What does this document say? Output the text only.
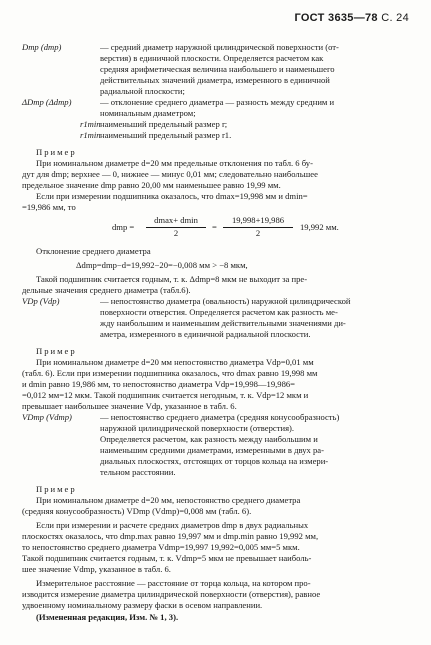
ГОСТ 3635—78 С. 24
Dmp (dmp)	— средний диаметр наружной цилиндрической поверхности (от-
верстия) в единичной плоскости. Определяется расчетом как
средняя арифметическая величина наибольшего и наименьшего
действительных значений диаметра, измеренного в единичной
радиальной плоскости;
ΔDmp (Δdmp)	— отклонение среднего диаметра — разность между средним и
номинальным диаметром;
r1min наименьший предельный размер r;
r1min наименьший предельный размер r1.
Пример
При номинальном диаметре d=20 мм предельные отклонения по табл. 6 бу-
дут для dmp; верхнее — 0, нижнее — минус 0,01 мм; следовательно наибольшее
предельное значение dmp равно 20,00 мм наименьшее равно 19,99 мм.
Если при измерении подшипника оказалось, что dmax=19,998 мм и dmin=
=19,986 мм, то
dmp =
dmax+ dmin
2
=
19,998+19,986
2
19,992 мм.
Отклонение среднего диаметра
Δdmp=dmp−d=19,992−20=−0,008 мм > −8 мкм,
Такой подшипник считается годным, т. к. Δdmp=8 мкм не выходит за пре-
дельные значения среднего диаметра (табл.6).
VDp (Vdp)	— непостоянство диаметра (овальность) наружной цилиндрической
поверхности отверстия. Определяется расчетом как разность ме-
жду наибольшим и наименьшим действительными значениями ди-
аметра, измеренного в единичной радиальной плоскости.
Пример
При номинальном диаметре d=20 мм непостоянство диаметра Vdp=0,01 мм
(табл. 6). Если при измерении подшипника оказалось, что dmax равно 19,998 мм
и dmin равно 19,986 мм, то непостоянство диаметра Vdp=19,998—19,986=
=0,012 мм=12 мкм. Такой подшипник считается негодным, т. к. Vdp=12 мкм и
превышает наибольшее значение Vdp, указанное в табл. 6.
VDmp (Vdmp)	— непостоянство среднего диаметра (средняя конусообразность)
наружной цилиндрической поверхности (отверстия).
Определяется расчетом, как разность между наибольшим и
наименьшим средними диаметрами, измеренными в двух ра-
диальных плоскостях, отстоящих от торцов кольца на измери-
тельном расстоянии.
Пример
При номинальном диаметре d=20 мм, непостоянство среднего диаметра
(средняя конусообразность) VDmp (Vdmp)=0,008 мм (табл. 6).
Если при измерении и расчете средних диаметров dmp в двух радиальных
плоскостях оказалось, что dmp.max равно 19,997 мм и dmp.min равно 19,992 мм,
то непостоянство среднего диаметра Vdmp=19,997 19,992=0,005 мм=5 мкм.
Такой подшипник считается годным, т. к. Vdmp=5 мкм не превышает наиболь-
шее значение Vdmp, указанное в табл. 6.
Измерительное расстояние — расстояние от торца кольца, на котором про-
изводится измерение диаметра цилиндрической поверхности (отверстия), равное
удвоенному номинальному размеру фаски в осевом направлении.
(Измененная редакция, Изм. № 1, 3).
